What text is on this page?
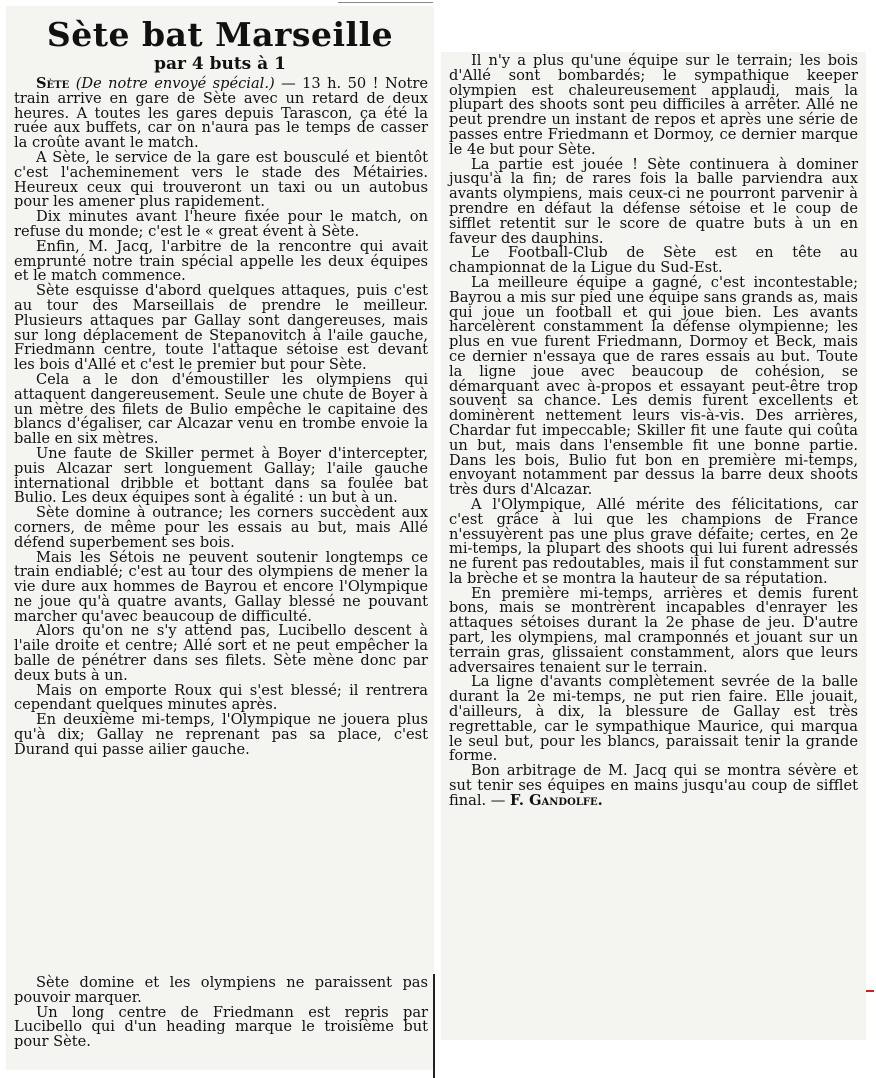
Sète bat Marseille
par 4 buts à 1

Sète (De notre envoyé spécial.) — 13 h. 50 ! Notre train arrive en gare de Sète avec un retard de deux heures. A toutes les gares depuis Tarascon, ça été la ruée aux buffets, car on n'aura pas le temps de casser la croûte avant le match.

A Sète, le service de la gare est bousculé et bientôt c'est l'acheminement vers le stade des Métairies. Heureux ceux qui trouveront un taxi ou un autobus pour les amener plus rapidement.

Dix minutes avant l'heure fixée pour le match, on refuse du monde; c'est le « great évent à Sète.

Enfin, M. Jacq, l'arbitre de la rencontre qui avait emprunté notre train spécial appelle les deux équipes et le match commence.

Sète esquisse d'abord quelques attaques, puis c'est au tour des Marseillais de prendre le meilleur. Plusieurs attaques par Gallay sont dangereuses, mais sur long déplacement de Stepanovitch à l'aile gauche, Friedmann centre, toute l'attaque sétoise est devant les bois d'Allé et c'est le premier but pour Sète.

Cela a le don d'émoustiller les olympiens qui attaquent dangereusement. Seule une chute de Boyer à un mètre des filets de Bulio empêche le capitaine des blancs d'égaliser, car Alcazar venu en trombe envoie la balle en six mètres.

Une faute de Skiller permet à Boyer d'intercepter, puis Alcazar sert longuement Gallay; l'aile gauche international dribble et bottant dans sa foulée bat Bulio. Les deux équipes sont à égalité : un but à un.

Sète domine à outrance; les corners succèdent aux corners, de même pour les essais au but, mais Allé défend superbement ses bois.

Mais les Sétois ne peuvent soutenir longtemps ce train endiablé; c'est au tour des olympiens de mener la vie dure aux hommes de Bayrou et encore l'Olympique ne joue qu'à quatre avants, Gallay blessé ne pouvant marcher qu'avec beaucoup de difficulté.

Alors qu'on ne s'y attend pas, Lucibello descent à l'aile droite et centre; Allé sort et ne peut empêcher la balle de pénétrer dans ses filets. Sète mène donc par deux buts à un.

Mais on emporte Roux qui s'est blessé; il rentrera cependant quelques minutes après.

En deuxième mi-temps, l'Olympique ne jouera plus qu'à dix; Gallay ne reprenant pas sa place, c'est Durand qui passe ailier gauche.

Sète domine et les olympiens ne paraissent pas pouvoir marquer.

Un long centre de Friedmann est repris par Lucibello qui d'un heading marque le troisième but pour Sète.

Il n'y a plus qu'une équipe sur le terrain; les bois d'Allé sont bombardés; le sympathique keeper olympien est chaleureusement applaudi, mais la plupart des shoots sont peu difficiles à arrêter. Allé ne peut prendre un instant de repos et après une série de passes entre Friedmann et Dormoy, ce dernier marque le 4e but pour Sète.

La partie est jouée ! Sète continuera à dominer jusqu'à la fin; de rares fois la balle parviendra aux avants olympiens, mais ceux-ci ne pourront parvenir à prendre en défaut la défense sétoise et le coup de sifflet retentit sur le score de quatre buts à un en faveur des dauphins.

Le Football-Club de Sète est en tête au championnat de la Ligue du Sud-Est.

La meilleure équipe a gagné, c'est incontestable; Bayrou a mis sur pied une équipe sans grands as, mais qui joue un football et qui joue bien. Les avants harcelèrent constamment la défense olympienne; les plus en vue furent Friedmann, Dormoy et Beck, mais ce dernier n'essaya que de rares essais au but. Toute la ligne joue avec beaucoup de cohésion, se démarquant avec à-propos et essayant peut-être trop souvent sa chance. Les demis furent excellents et dominèrent nettement leurs vis-à-vis. Des arrières, Chardar fut impeccable; Skiller fit une faute qui coûta un but, mais dans l'ensemble fit une bonne partie. Dans les bois, Bulio fut bon en première mi-temps, envoyant notamment par dessus la barre deux shoots très durs d'Alcazar.

A l'Olympique, Allé mérite des félicitations, car c'est grâce à lui que les champions de France n'essuyèrent pas une plus grave défaite; certes, en 2e mi-temps, la plupart des shoots qui lui furent adressés ne furent pas redoutables, mais il fut constamment sur la brèche et se montra la hauteur de sa réputation.

En première mi-temps, arrières et demis furent bons, mais se montrèrent incapables d'enrayer les attaques sétoises durant la 2e phase de jeu. D'autre part, les olympiens, mal cramponnés et jouant sur un terrain gras, glissaient constamment, alors que leurs adversaires tenaient sur le terrain.

La ligne d'avants complètement sevrée de la balle durant la 2e mi-temps, ne put rien faire. Elle jouait, d'ailleurs, à dix, la blessure de Gallay est très regrettable, car le sympathique Maurice, qui marqua le seul but, pour les blancs, paraissait tenir la grande forme.

Bon arbitrage de M. Jacq qui se montra sévère et sut tenir ses équipes en mains jusqu'au coup de sifflet final. — F. Gandolfe.
